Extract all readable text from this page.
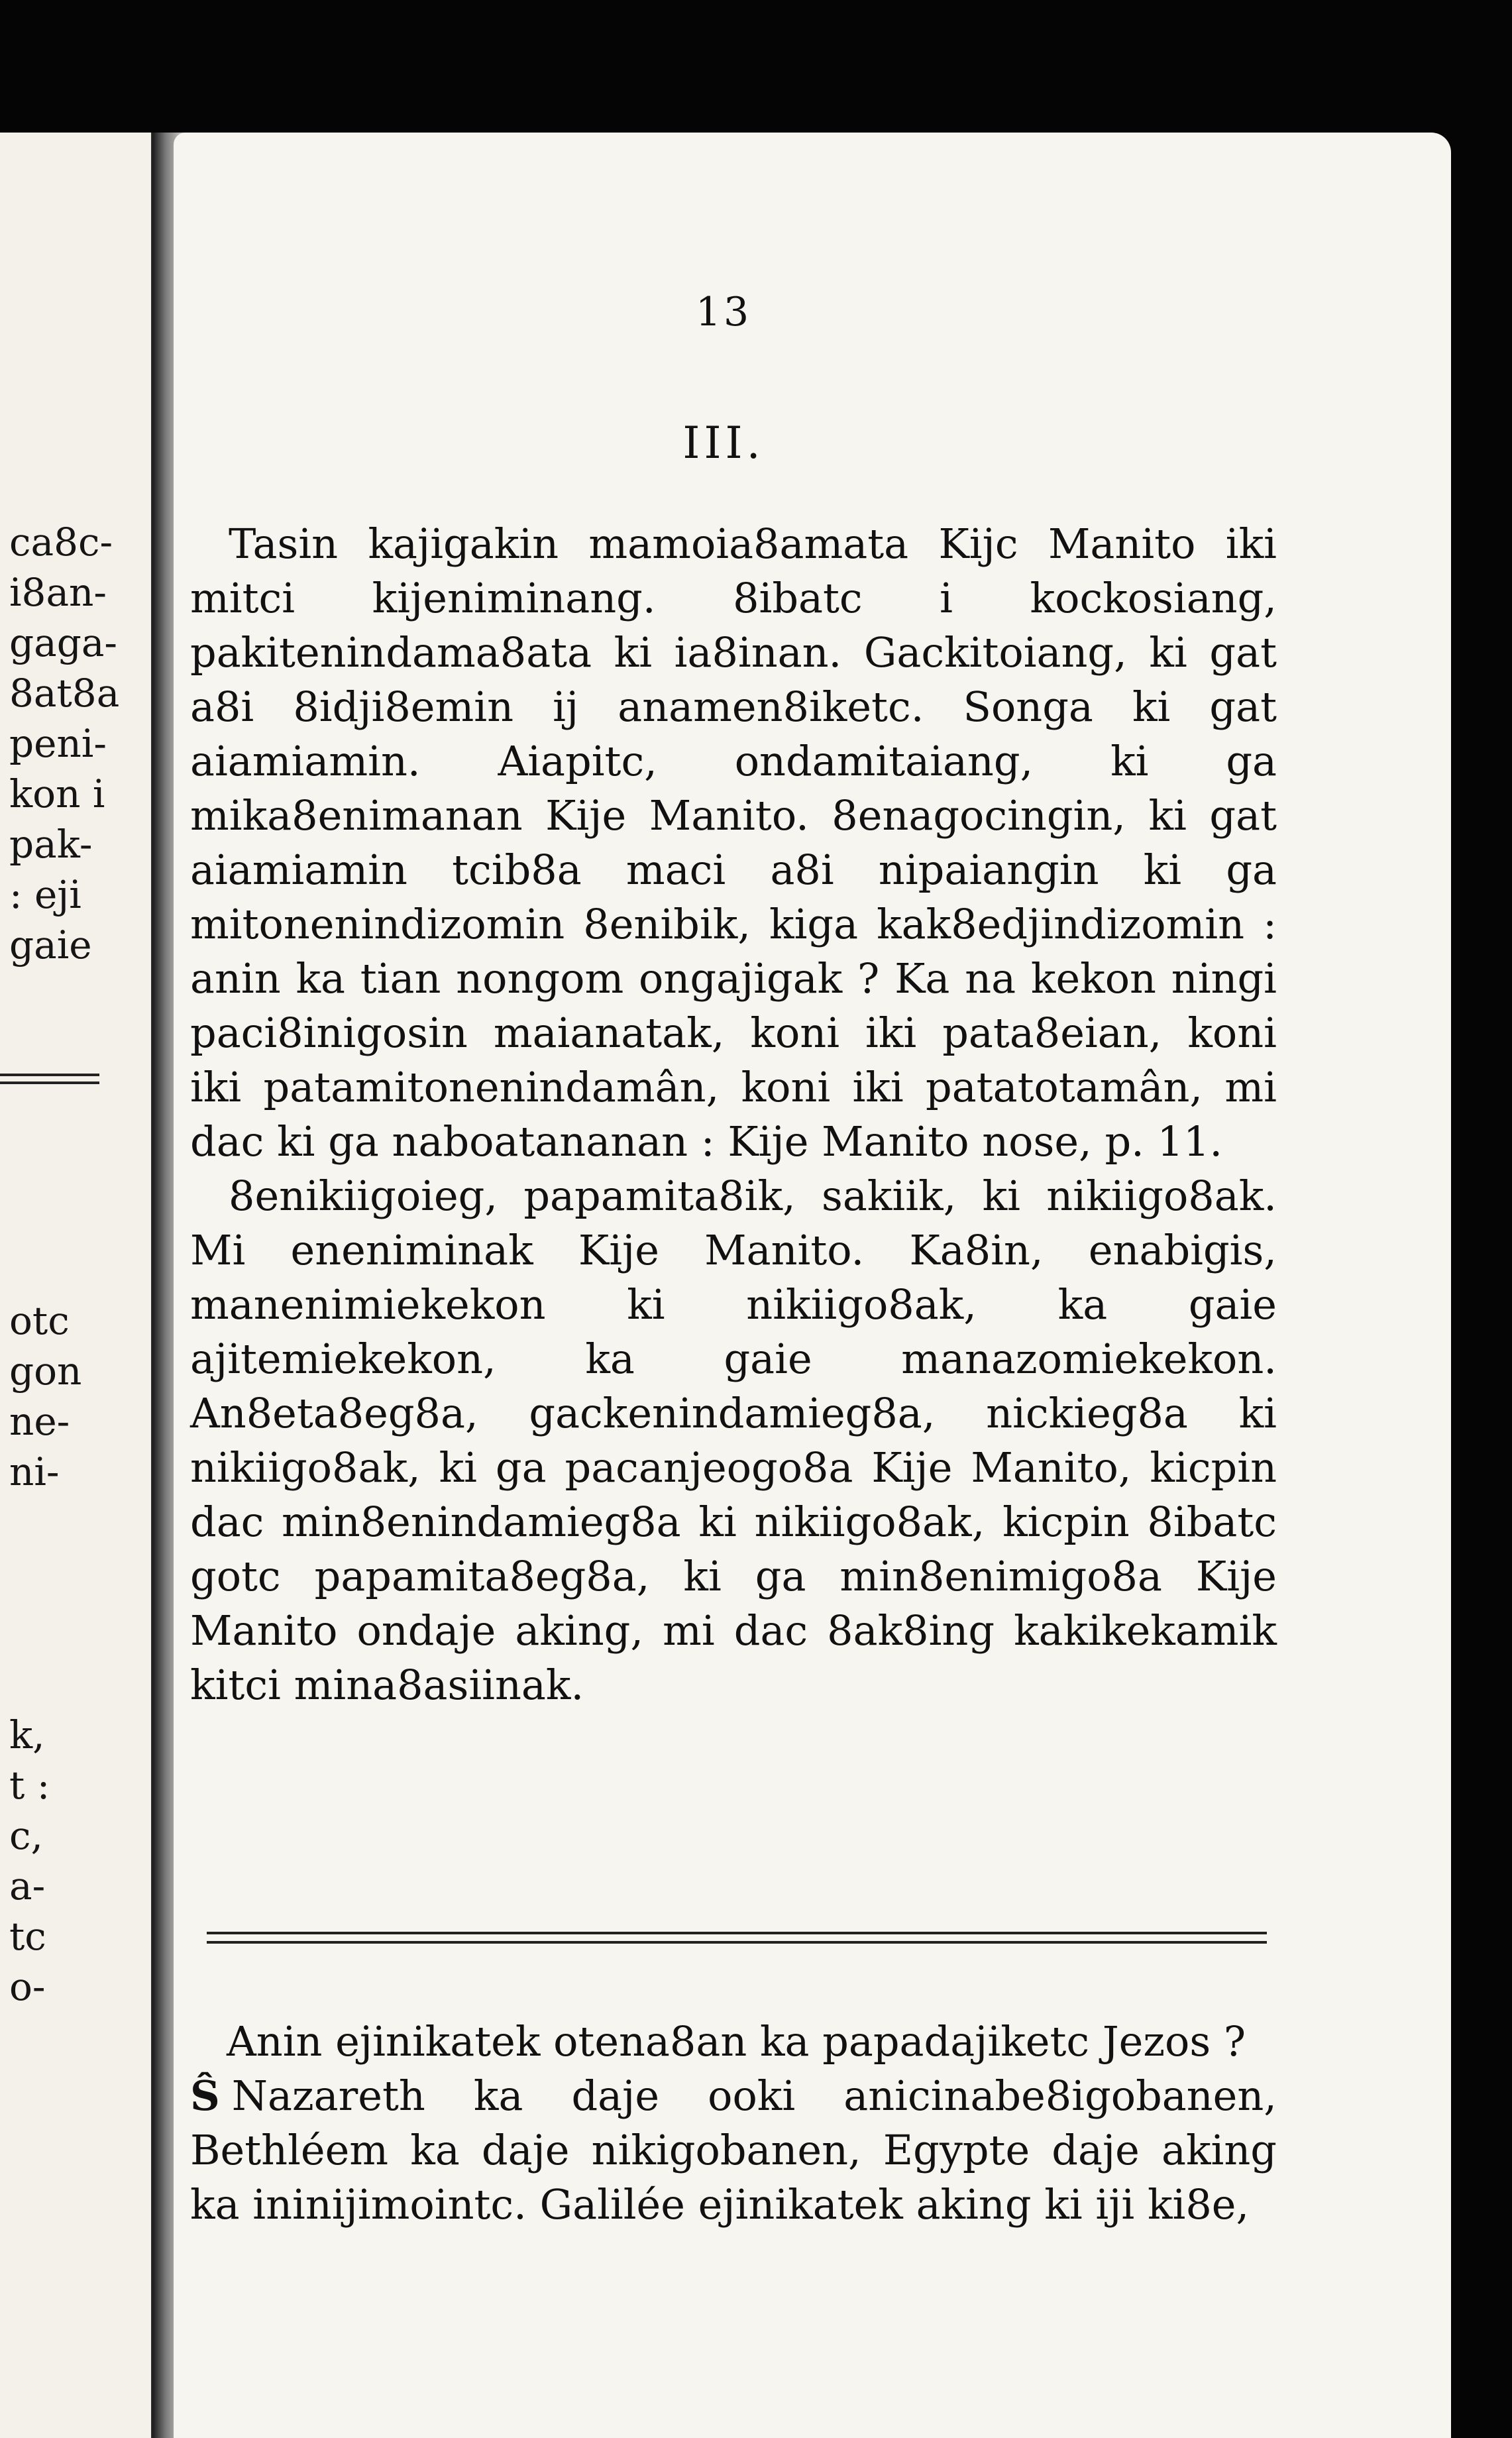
ca8c-
i8an-
gaga-
8at8a
peni-
kon i
pak-
: eji
gaie
otc
gon
ne-
ni-
k,
t :
c,
a-
tc
o-
13
III.

Tasin kajigakin mamoia8amata Kijc Manito iki mitci kijeniminang. 8ibatc i kockosiang, pakitenindama8ata ki ia8inan. Gackitoiang, ki gat a8i 8idji8emin ij anamen8iketc. Songa ki gat aiamiamin. Aiapitc, ondamitaiang, ki ga mika8enimanan Kije Manito. 8enagocingin, ki gat aiamiamin tcib8a maci a8i nipaiangin ki ga mitonenindizomin 8enibik, kiga kak8edjindizomin : anin ka tian nongom ongajigak ? Ka na kekon ningi paci8inigosin maianatak, koni iki pata8eian, koni iki patamitonenindamân, koni iki patatotamân, mi dac ki ga naboatananan : Kije Manito nose, p. 11.

8enikiigoieg, papamita8ik, sakiik, ki nikiigo8ak. Mi eneniminak Kije Manito. Ka8in, enabigis, manenimiekekon ki nikiigo8ak, ka gaie ajitemiekekon, ka gaie manazomiekekon. An8eta8eg8a, gackenindamieg8a, nickieg8a ki nikiigo8ak, ki ga pacanjeogo8a Kije Manito, kicpin dac min8enindamieg8a ki nikiigo8ak, kicpin 8ibatc gotc papamita8eg8a, ki ga min8enimigo8a Kije Manito ondaje aking, mi dac 8ak8ing kakikekamik kitci mina8asiinak.

Anin ejinikatek otena8an ka papadajiketc Jezos ?
Ŝ Nazareth ka daje ooki anicinabe8igobanen, Bethléem ka daje nikigobanen, Egypte daje aking ka ininijimointc. Galilée ejinikatek aking ki iji ki8e,
